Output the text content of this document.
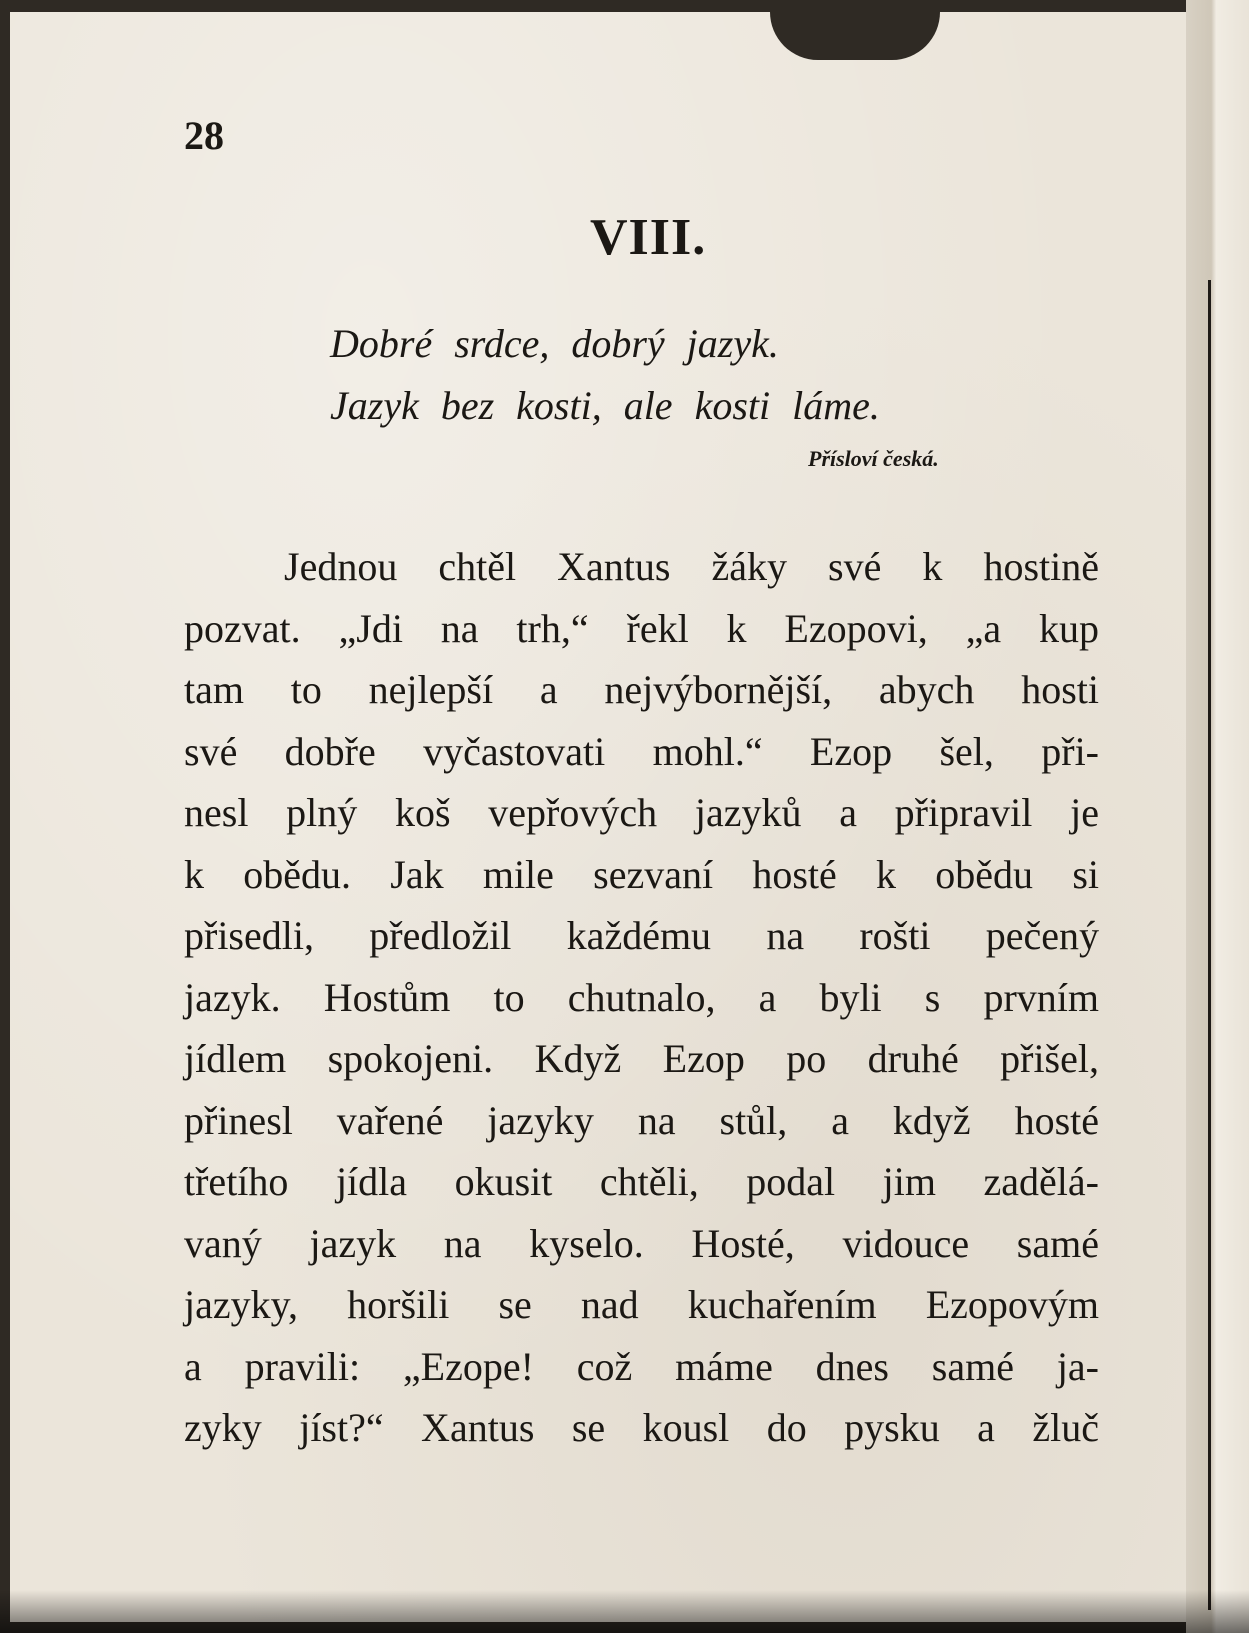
28
VIII.
Dobré srdce, dobrý jazyk.
Jazyk bez kosti, ale kosti láme.
Přísloví česká.
Jednou chtěl Xantus žáky své k hostině
pozvat. „Jdi na trh,“ řekl k Ezopovi, „a kup
tam to nejlepší a nejvýbornější, abych hosti
své dobře vyčastovati mohl.“ Ezop šel, při-
nesl plný koš vepřových jazyků a připravil je
k obědu. Jak mile sezvaní hosté k obědu si
přisedli, předložil každému na rošti pečený
jazyk. Hostům to chutnalo, a byli s prvním
jídlem spokojeni. Když Ezop po druhé přišel,
přinesl vařené jazyky na stůl, a když hosté
třetího jídla okusit chtěli, podal jim zadělá-
vaný jazyk na kyselo. Hosté, vidouce samé
jazyky, horšili se nad kuchařením Ezopovým
a pravili: „Ezope! což máme dnes samé ja-
zyky jíst?“ Xantus se kousl do pysku a žluč
